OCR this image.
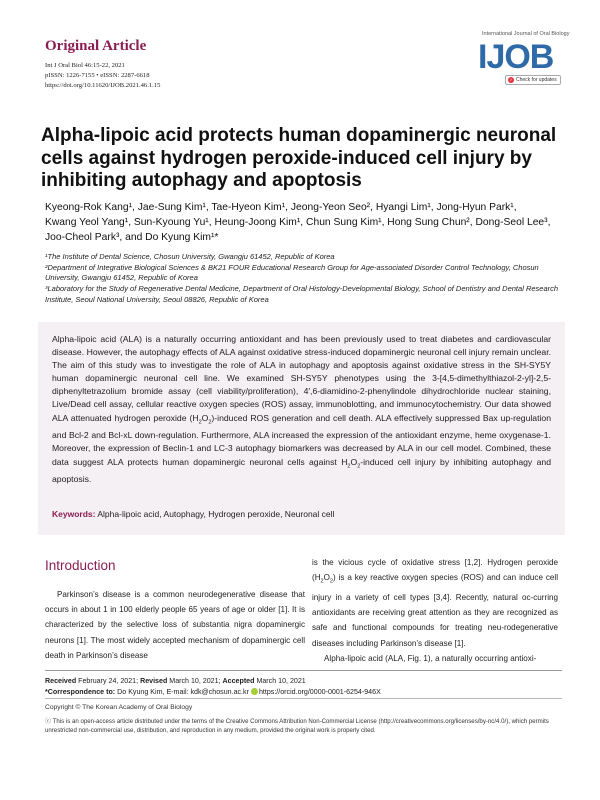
Original Article
Int J Oral Biol 46:15-22, 2021
pISSN: 1226-7155 • eISSN: 2287-6618
https://doi.org/10.11620/IJOB.2021.46.1.15
International Journal of Oral Biology
IJOB
✓ Check for updates
Alpha-lipoic acid protects human dopaminergic neuronal cells against hydrogen peroxide-induced cell injury by inhibiting autophagy and apoptosis
Kyeong-Rok Kang¹, Jae-Sung Kim¹, Tae-Hyeon Kim¹, Jeong-Yeon Seo², Hyangi Lim¹, Jong-Hyun Park¹,
Kwang Yeol Yang¹, Sun-Kyoung Yu¹, Heung-Joong Kim¹, Chun Sung Kim¹, Hong Sung Chun², Dong-Seol Lee³,
Joo-Cheol Park³, and Do Kyung Kim¹*
¹The Institute of Dental Science, Chosun University, Gwangju 61452, Republic of Korea
²Department of Integrative Biological Sciences & BK21 FOUR Educational Research Group for Age-associated Disorder Control Technology, Chosun University, Gwangju 61452, Republic of Korea
³Laboratory for the Study of Regenerative Dental Medicine, Department of Oral Histology-Developmental Biology, School of Dentistry and Dental Research Institute, Seoul National University, Seoul 08826, Republic of Korea
Alpha-lipoic acid (ALA) is a naturally occurring antioxidant and has been previously used to treat diabetes and cardiovascular disease. However, the autophagy effects of ALA against oxidative stress-induced dopaminergic neuronal cell injury remain unclear. The aim of this study was to investigate the role of ALA in autophagy and apoptosis against oxidative stress in the SH-SY5Y human dopaminergic neuronal cell line. We examined SH-SY5Y phenotypes using the 3-[4,5-dimethylthiazol-2-yl]-2,5-diphenyltetrazolium bromide assay (cell viability/proliferation), 4′,6-diamidino-2-phenylindole dihydrochloride nuclear staining, Live/Dead cell assay, cellular reactive oxygen species (ROS) assay, immunoblotting, and immunocytochemistry. Our data showed ALA attenuated hydrogen peroxide $(H_2O_2)$-induced ROS generation and cell death. ALA effectively suppressed Bax up-regulation and Bcl-2 and Bcl-xL down-regulation. Furthermore, ALA increased the expression of the antioxidant enzyme, heme oxygenase-1. Moreover, the expression of Beclin-1 and LC-3 autophagy biomarkers was decreased by ALA in our cell model. Combined, these data suggest ALA protects human dopaminergic neuronal cells against $H_2O_2$-induced cell injury by inhibiting autophagy and apoptosis.
Keywords: Alpha-lipoic acid, Autophagy, Hydrogen peroxide, Neuronal cell
Introduction
Parkinson’s disease is a common neurodegenerative disease that occurs in about 1 in 100 elderly people 65 years of age or older [1]. It is characterized by the selective loss of substantia nigra dopaminergic neurons [1]. The most widely accepted mechanism of dopaminergic cell death in Parkinson’s disease

is the vicious cycle of oxidative stress [1,2]. Hydrogen peroxide $(H_2O_2)$ is a key reactive oxygen species (ROS) and can induce cell injury in a variety of cell types [3,4]. Recently, natural oc-curring antioxidants are receiving great attention as they are recognized as safe and functional compounds for treating neu-rodegenerative diseases including Parkinson’s disease [1].

Alpha-lipoic acid (ALA, Fig. 1), a naturally occurring antioxi-

Received February 24, 2021; Revised March 10, 2021; Accepted March 10, 2021
*Correspondence to: Do Kyung Kim, E-mail: kdk@chosun.ac.kr https://orcid.org/0000-0001-6254-946X
Copyright © The Korean Academy of Oral Biology
ⓒ This is an open-access article distributed under the terms of the Creative Commons Attribution Non-Commercial License (http://creativecommons.org/licenses/by-nc/4.0/), which permits unrestricted non-commercial use, distribution, and reproduction in any medium, provided the original work is properly cited.
